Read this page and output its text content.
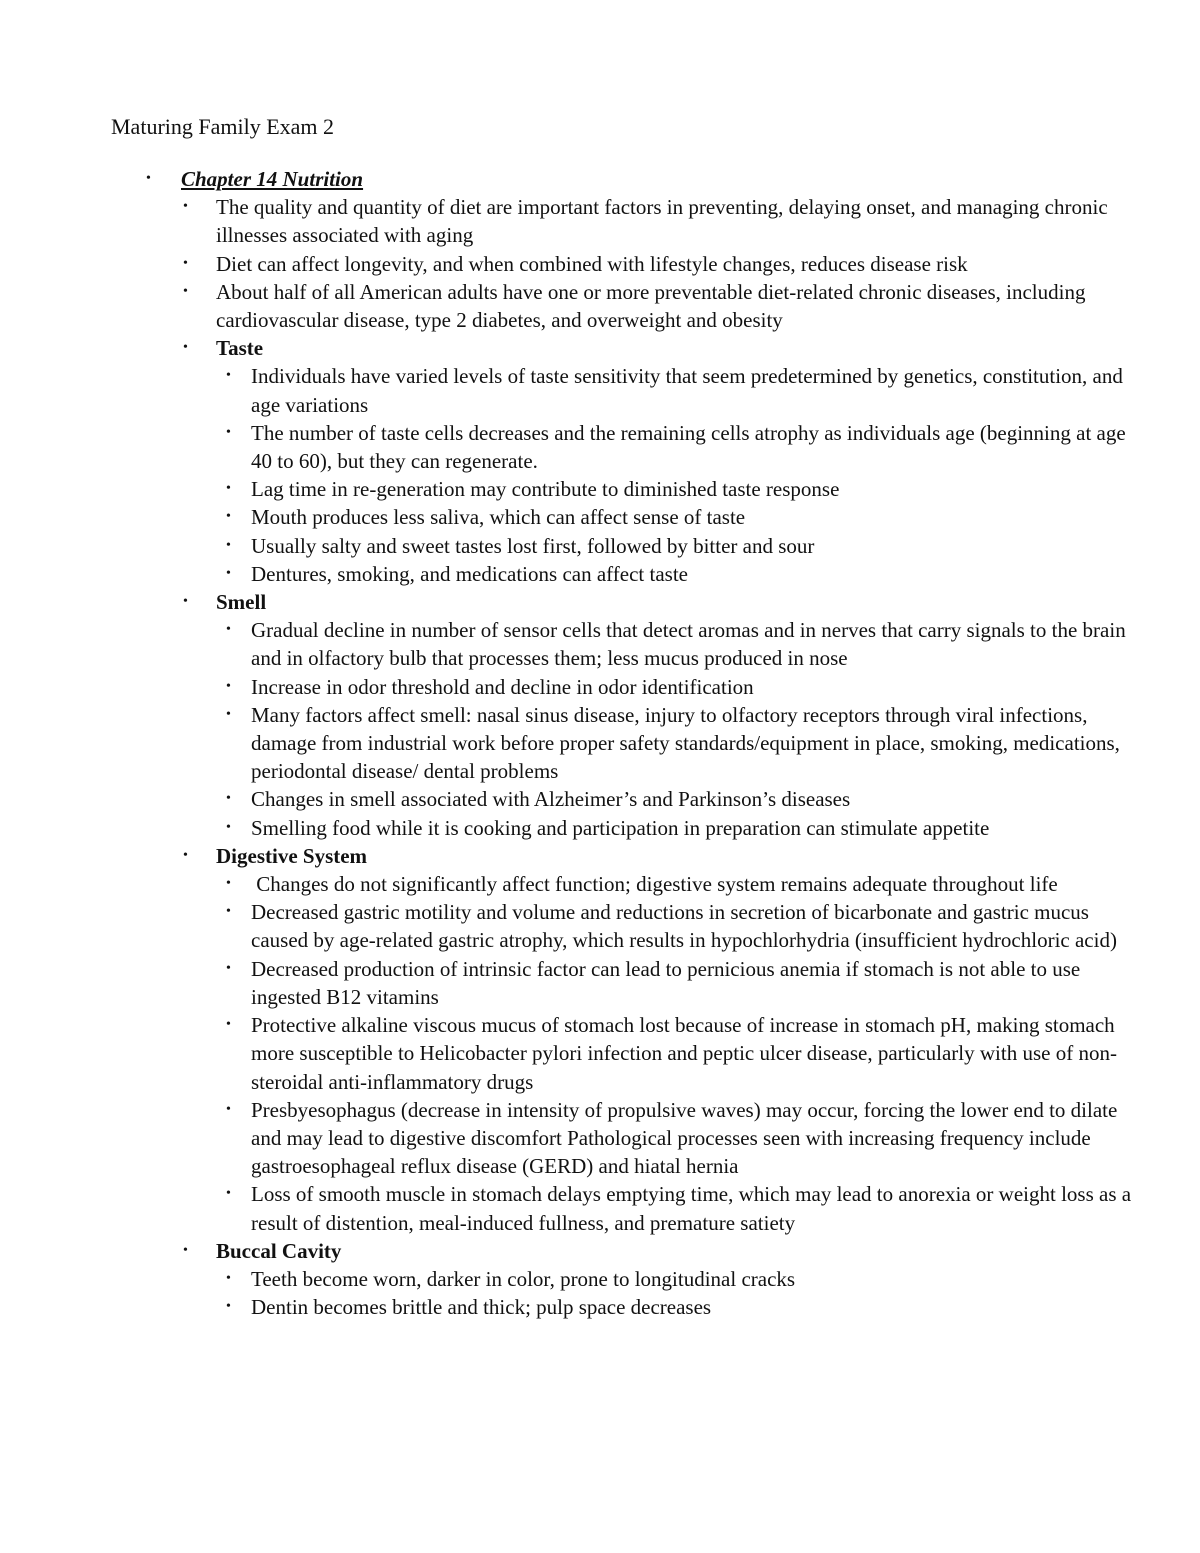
Maturing Family Exam 2
• Chapter 14 Nutrition
• The quality and quantity of diet are important factors in preventing, delaying onset, and managing chronic illnesses associated with aging
• Diet can affect longevity, and when combined with lifestyle changes, reduces disease risk
• About half of all American adults have one or more preventable diet-related chronic diseases, including cardiovascular disease, type 2 diabetes, and overweight and obesity
• Taste
• Individuals have varied levels of taste sensitivity that seem predetermined by genetics, constitution, and age variations
• The number of taste cells decreases and the remaining cells atrophy as individuals age (beginning at age 40 to 60), but they can regenerate.
• Lag time in re-generation may contribute to diminished taste response
• Mouth produces less saliva, which can affect sense of taste
• Usually salty and sweet tastes lost first, followed by bitter and sour
• Dentures, smoking, and medications can affect taste
• Smell
• Gradual decline in number of sensor cells that detect aromas and in nerves that carry signals to the brain and in olfactory bulb that processes them; less mucus produced in nose
• Increase in odor threshold and decline in odor identification
• Many factors affect smell: nasal sinus disease, injury to olfactory receptors through viral infections, damage from industrial work before proper safety standards/equipment in place, smoking, medications, periodontal disease/ dental problems
• Changes in smell associated with Alzheimer’s and Parkinson’s diseases
• Smelling food while it is cooking and participation in preparation can stimulate appetite
• Digestive System
• Changes do not significantly affect function; digestive system remains adequate throughout life
• Decreased gastric motility and volume and reductions in secretion of bicarbonate and gastric mucus caused by age-related gastric atrophy, which results in hypochlorhydria (insufficient hydrochloric acid)
• Decreased production of intrinsic factor can lead to pernicious anemia if stomach is not able to use ingested B12 vitamins
• Protective alkaline viscous mucus of stomach lost because of increase in stomach pH, making stomach more susceptible to Helicobacter pylori infection and peptic ulcer disease, particularly with use of non-steroidal anti-inflammatory drugs
• Presbyesophagus (decrease in intensity of propulsive waves) may occur, forcing the lower end to dilate and may lead to digestive discomfort Pathological processes seen with increasing frequency include gastroesophageal reflux disease (GERD) and hiatal hernia
• Loss of smooth muscle in stomach delays emptying time, which may lead to anorexia or weight loss as a result of distention, meal-induced fullness, and premature satiety
• Buccal Cavity
• Teeth become worn, darker in color, prone to longitudinal cracks
• Dentin becomes brittle and thick; pulp space decreases
